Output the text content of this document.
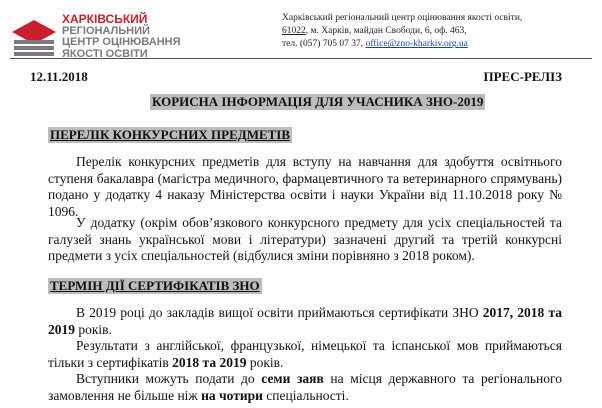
ХАРКІВСЬКИЙ
РЕГІОНАЛЬНИЙ
ЦЕНТР ОЦІНЮВАННЯ
ЯКОСТІ ОСВІТИ
Харківський регіональний центр оцінювання якості освіти,
61022, м. Харків, майдан Свободи, 6, оф. 463,
тел. (057) 705 07 37, office@zno-kharkiv.org.ua
12.11.2018	ПРЕС-РЕЛІЗ
КОРИСНА ІНФОРМАЦІЯ ДЛЯ УЧАСНИКА ЗНО-2019
ПЕРЕЛІК КОНКУРСНИХ ПРЕДМЕТІВ
Перелік конкурсних предметів для вступу на навчання для здобуття освітнього ступеня бакалавра (магістра медичного, фармацевтичного та ветеринарного спрямувань) подано у додатку 4 наказу Міністерства освіти і науки України від 11.10.2018 року № 1096.
У додатку (окрім обов’язкового конкурсного предмету для усіх спеціальностей та галузей знань української мови і літератури) зазначені другий та третій конкурсні предмети з усіх спеціальностей (відбулися зміни порівняно з 2018 роком).
ТЕРМІН ДІЇ СЕРТИФІКАТІВ ЗНО
В 2019 році до закладів вищої освіти приймаються сертифікати ЗНО 2017, 2018 та 2019 років.
Результати з англійської, французької, німецької та іспанської мов приймаються тільки з сертифікатів 2018 та 2019 років.
Вступники можуть подати до семи заяв на місця державного та регіонального замовлення не більше ніж на чотири спеціальності.
